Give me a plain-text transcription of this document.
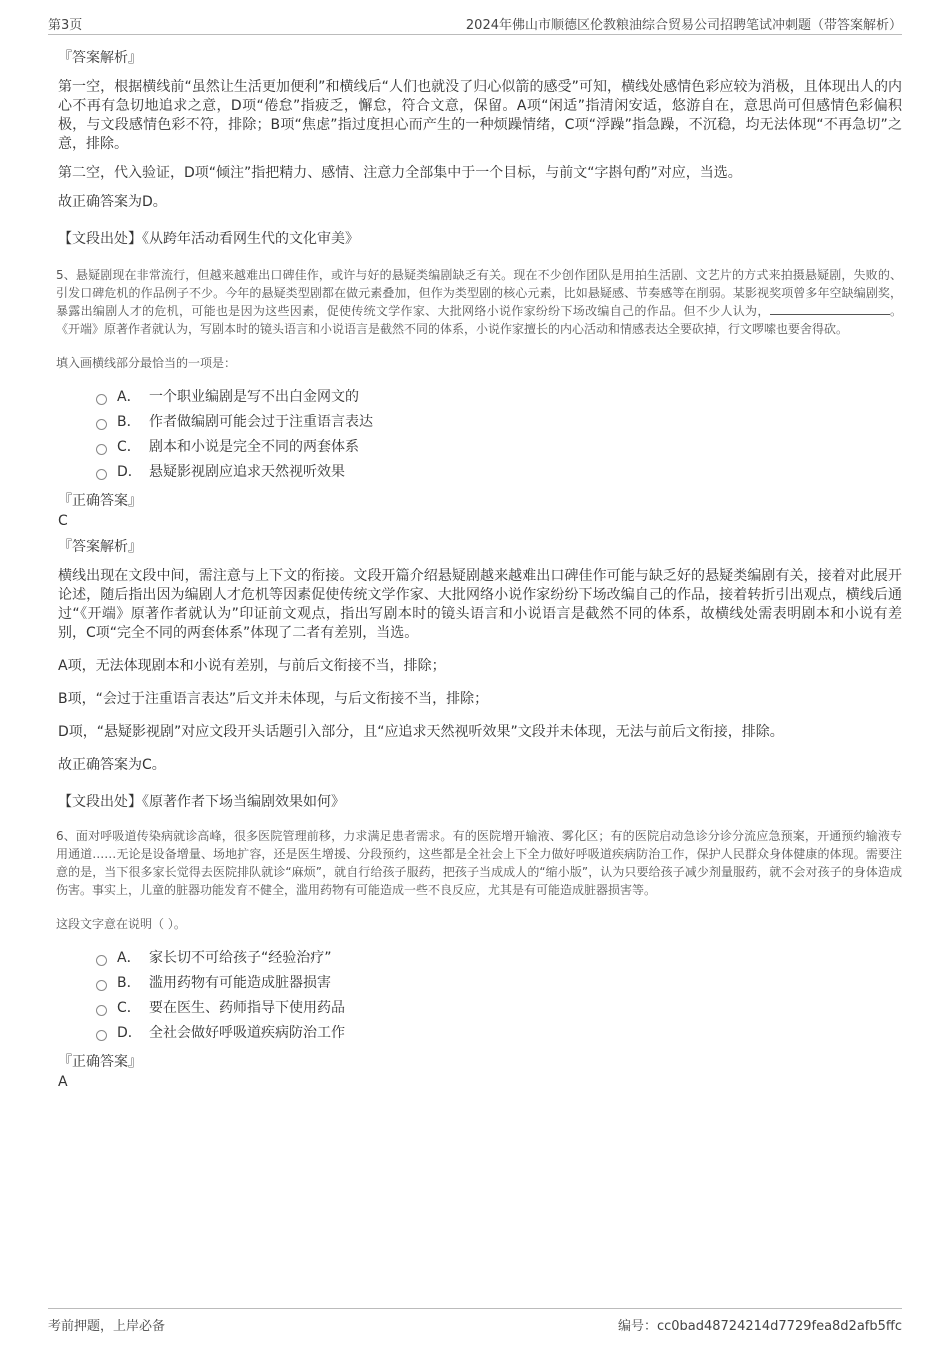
第3页	2024年佛山市顺德区伦教粮油综合贸易公司招聘笔试冲刺题（带答案解析）
『答案解析』
第一空，根据横线前“虽然让生活更加便利”和横线后“人们也就没了归心似箭的感受”可知，横线处感情色彩应较为消极，且体现出人的内心不再有急切地追求之意，D项“倦怠”指疲乏，懈怠，符合文意，保留。A项“闲适”指清闲安适，悠游自在，意思尚可但感情色彩偏积极，与文段感情色彩不符，排除；B项“焦虑”指过度担心而产生的一种烦躁情绪，C项“浮躁”指急躁，不沉稳，均无法体现“不再急切”之意，排除。
第二空，代入验证，D项“倾注”指把精力、感情、注意力全部集中于一个目标，与前文“字斟句酌”对应，当选。
故正确答案为D。
【文段出处】《从跨年活动看网生代的文化审美》
5、悬疑剧现在非常流行，但越来越难出口碑佳作，或许与好的悬疑类编剧缺乏有关。现在不少创作团队是用拍生活剧、文艺片的方式来拍摄悬疑剧，失败的、引发口碑危机的作品例子不少。今年的悬疑类型剧都在做元素叠加，但作为类型剧的核心元素，比如悬疑感、节奏感等在削弱。某影视奖项曾多年空缺编剧奖，暴露出编剧人才的危机，可能也是因为这些因素，促使传统文学作家、大批网络小说作家纷纷下场改编自己的作品。但不少人认为，	。《开端》原著作者就认为，写剧本时的镜头语言和小说语言是截然不同的体系，小说作家擅长的内心活动和情感表达全要砍掉，行文啰嗦也要舍得砍。
填入画横线部分最恰当的一项是：
A． 一个职业编剧是写不出白金网文的
B． 作者做编剧可能会过于注重语言表达
C． 剧本和小说是完全不同的两套体系
D． 悬疑影视剧应追求天然视听效果
『正确答案』
C
『答案解析』
横线出现在文段中间，需注意与上下文的衔接。文段开篇介绍悬疑剧越来越难出口碑佳作可能与缺乏好的悬疑类编剧有关，接着对此展开论述，随后指出因为编剧人才危机等因素促使传统文学作家、大批网络小说作家纷纷下场改编自己的作品，接着转折引出观点，横线后通过“《开端》原著作者就认为”印证前文观点，指出写剧本时的镜头语言和小说语言是截然不同的体系，故横线处需表明剧本和小说有差别，C项“完全不同的两套体系”体现了二者有差别，当选。
A项，无法体现剧本和小说有差别，与前后文衔接不当，排除；
B项，“会过于注重语言表达”后文并未体现，与后文衔接不当，排除；
D项，“悬疑影视剧”对应文段开头话题引入部分，且“应追求天然视听效果”文段并未体现，无法与前后文衔接，排除。
故正确答案为C。
【文段出处】《原著作者下场当编剧效果如何》
6、面对呼吸道传染病就诊高峰，很多医院管理前移，力求满足患者需求。有的医院增开输液、雾化区；有的医院启动急诊分诊分流应急预案，开通预约输液专用通道……无论是设备增量、场地扩容，还是医生增援、分段预约，这些都是全社会上下全力做好呼吸道疾病防治工作，保护人民群众身体健康的体现。需要注意的是，当下很多家长觉得去医院排队就诊“麻烦”，就自行给孩子服药，把孩子当成成人的“缩小版”，认为只要给孩子减少剂量服药，就不会对孩子的身体造成伤害。事实上，儿童的脏器功能发育不健全，滥用药物有可能造成一些不良反应，尤其是有可能造成脏器损害等。
这段文字意在说明（ ）。
A． 家长切不可给孩子“经验治疗”
B． 滥用药物有可能造成脏器损害
C． 要在医生、药师指导下使用药品
D． 全社会做好呼吸道疾病防治工作
『正确答案』
A
考前押题，上岸必备	编号：cc0bad48724214d7729fea8d2afb5ffc
